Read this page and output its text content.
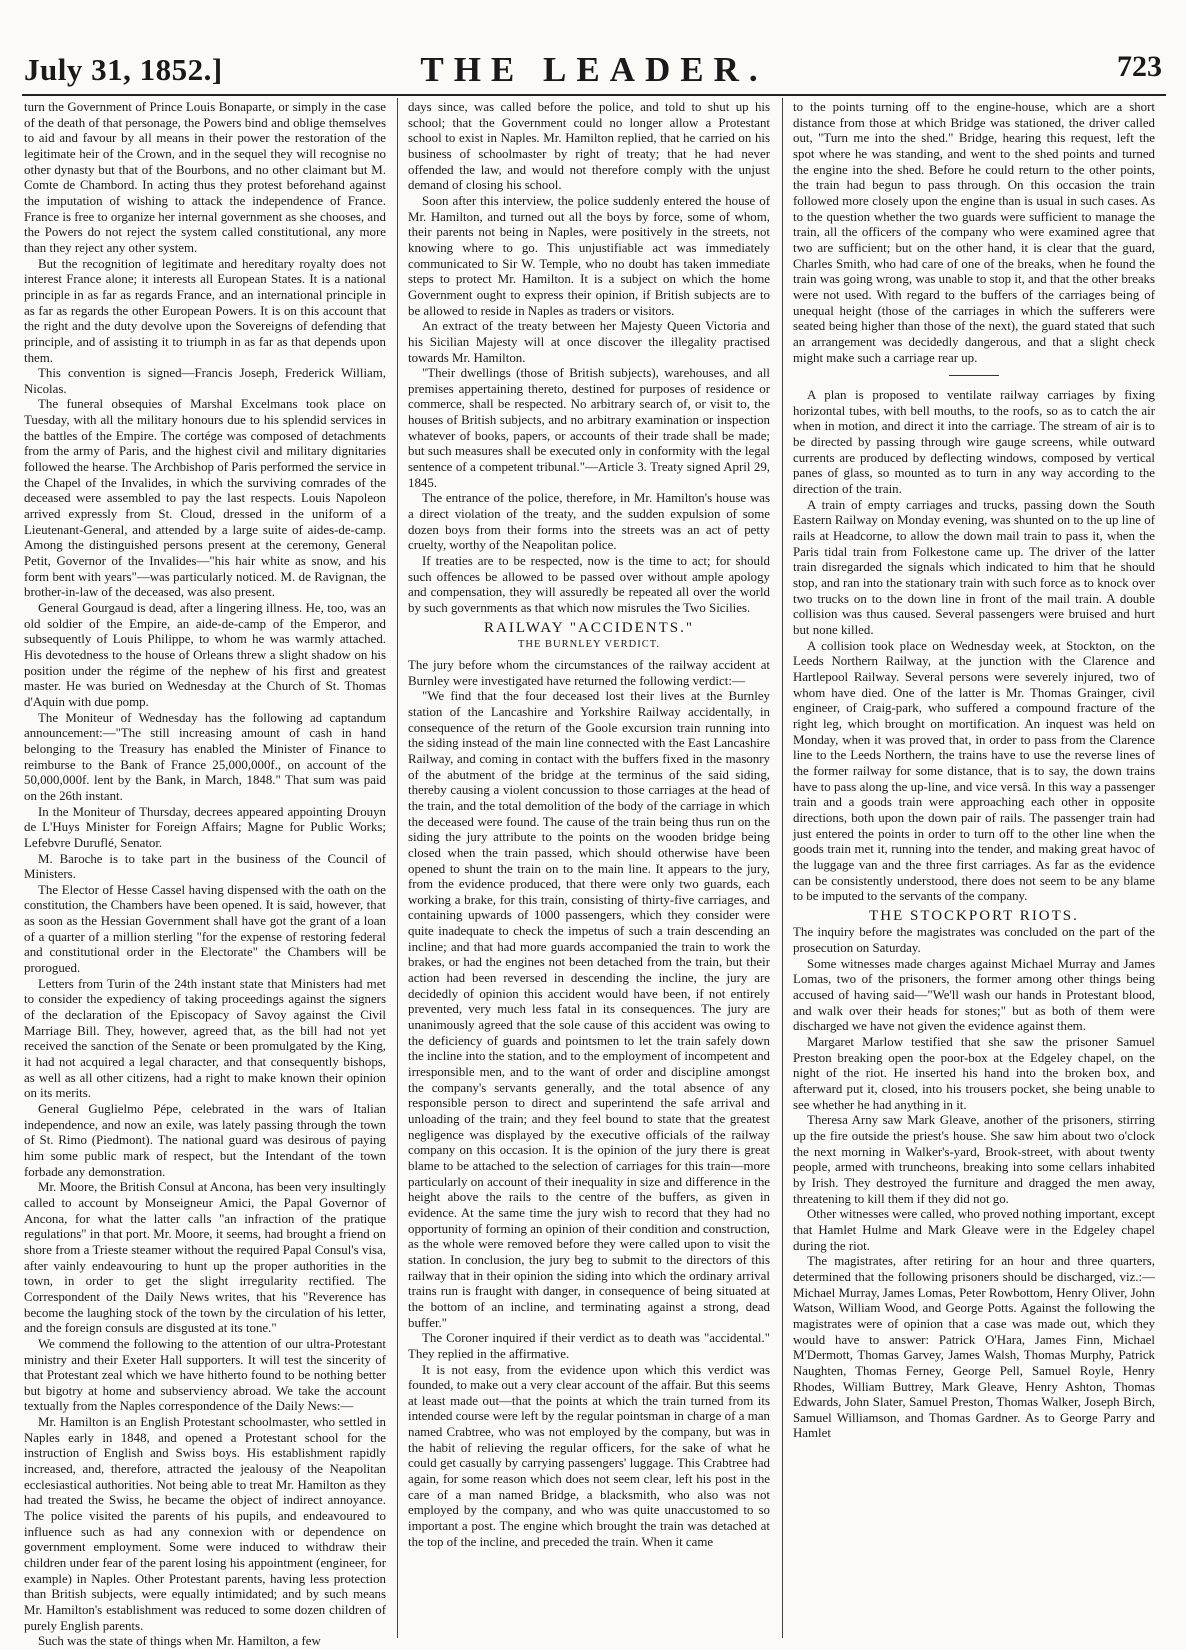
July 31, 1852.]	THE LEADER.	723

turn the Government of Prince Louis Bonaparte, or simply in the case of the death of that personage, the Powers bind and oblige themselves to aid and favour by all means in their power the restoration of the legitimate heir of the Crown, and in the sequel they will recognise no other dynasty but that of the Bourbons, and no other claimant but M. Comte de Chambord. In acting thus they protest beforehand against the imputation of wishing to attack the independence of France. France is free to organize her internal government as she chooses, and the Powers do not reject the system called constitutional, any more than they reject any other system.

But the recognition of legitimate and hereditary royalty does not interest France alone; it interests all European States. It is a national principle in as far as regards France, and an international principle in as far as regards the other European Powers. It is on this account that the right and the duty devolve upon the Sovereigns of defending that principle, and of assisting it to triumph in as far as that depends upon them.

This convention is signed—Francis Joseph, Frederick William, Nicolas.

The funeral obsequies of Marshal Excelmans took place on Tuesday, with all the military honours due to his splendid services in the battles of the Empire. The cortége was composed of detachments from the army of Paris, and the highest civil and military dignitaries followed the hearse. The Archbishop of Paris performed the service in the Chapel of the Invalides, in which the surviving comrades of the deceased were assembled to pay the last respects. Louis Napoleon arrived expressly from St. Cloud, dressed in the uniform of a Lieutenant-General, and attended by a large suite of aides-de-camp. Among the distinguished persons present at the ceremony, General Petit, Governor of the Invalides—"his hair white as snow, and his form bent with years"—was particularly noticed. M. de Ravignan, the brother-in-law of the deceased, was also present.

General Gourgaud is dead, after a lingering illness. He, too, was an old soldier of the Empire, an aide-de-camp of the Emperor, and subsequently of Louis Philippe, to whom he was warmly attached. His devotedness to the house of Orleans threw a slight shadow on his position under the régime of the nephew of his first and greatest master. He was buried on Wednesday at the Church of St. Thomas d'Aquin with due pomp.

The Moniteur of Wednesday has the following ad captandum announcement:—"The still increasing amount of cash in hand belonging to the Treasury has enabled the Minister of Finance to reimburse to the Bank of France 25,000,000f., on account of the 50,000,000f. lent by the Bank, in March, 1848." That sum was paid on the 26th instant.

In the Moniteur of Thursday, decrees appeared appointing Drouyn de L'Huys Minister for Foreign Affairs; Magne for Public Works; Lefebvre Duruflé, Senator.

M. Baroche is to take part in the business of the Council of Ministers.

The Elector of Hesse Cassel having dispensed with the oath on the constitution, the Chambers have been opened. It is said, however, that as soon as the Hessian Government shall have got the grant of a loan of a quarter of a million sterling "for the expense of restoring federal and constitutional order in the Electorate" the Chambers will be prorogued.

Letters from Turin of the 24th instant state that Ministers had met to consider the expediency of taking proceedings against the signers of the declaration of the Episcopacy of Savoy against the Civil Marriage Bill. They, however, agreed that, as the bill had not yet received the sanction of the Senate or been promulgated by the King, it had not acquired a legal character, and that consequently bishops, as well as all other citizens, had a right to make known their opinion on its merits.

General Guglielmo Pépe, celebrated in the wars of Italian independence, and now an exile, was lately passing through the town of St. Rimo (Piedmont). The national guard was desirous of paying him some public mark of respect, but the Intendant of the town forbade any demonstration.

Mr. Moore, the British Consul at Ancona, has been very insultingly called to account by Monseigneur Amici, the Papal Governor of Ancona, for what the latter calls "an infraction of the pratique regulations" in that port. Mr. Moore, it seems, had brought a friend on shore from a Trieste steamer without the required Papal Consul's visa, after vainly endeavouring to hunt up the proper authorities in the town, in order to get the slight irregularity rectified. The Correspondent of the Daily News writes, that his "Reverence has become the laughing stock of the town by the circulation of his letter, and the foreign consuls are disgusted at its tone."

We commend the following to the attention of our ultra-Protestant ministry and their Exeter Hall supporters. It will test the sincerity of that Protestant zeal which we have hitherto found to be nothing better but bigotry at home and subserviency abroad. We take the account textually from the Naples correspondence of the Daily News:—

Mr. Hamilton is an English Protestant schoolmaster, who settled in Naples early in 1848, and opened a Protestant school for the instruction of English and Swiss boys. His establishment rapidly increased, and, therefore, attracted the jealousy of the Neapolitan ecclesiastical authorities. Not being able to treat Mr. Hamilton as they had treated the Swiss, he became the object of indirect annoyance. The police visited the parents of his pupils, and endeavoured to influence such as had any connexion with or dependence on government employment. Some were induced to withdraw their children under fear of the parent losing his appointment (engineer, for example) in Naples. Other Protestant parents, having less protection than British subjects, were equally intimidated; and by such means Mr. Hamilton's establishment was reduced to some dozen children of purely English parents.

Such was the state of things when Mr. Hamilton, a few

days since, was called before the police, and told to shut up his school; that the Government could no longer allow a Protestant school to exist in Naples. Mr. Hamilton replied, that he carried on his business of schoolmaster by right of treaty; that he had never offended the law, and would not therefore comply with the unjust demand of closing his school.

Soon after this interview, the police suddenly entered the house of Mr. Hamilton, and turned out all the boys by force, some of whom, their parents not being in Naples, were positively in the streets, not knowing where to go. This unjustifiable act was immediately communicated to Sir W. Temple, who no doubt has taken immediate steps to protect Mr. Hamilton. It is a subject on which the home Government ought to express their opinion, if British subjects are to be allowed to reside in Naples as traders or visitors.

An extract of the treaty between her Majesty Queen Victoria and his Sicilian Majesty will at once discover the illegality practised towards Mr. Hamilton.

"Their dwellings (those of British subjects), warehouses, and all premises appertaining thereto, destined for purposes of residence or commerce, shall be respected. No arbitrary search of, or visit to, the houses of British subjects, and no arbitrary examination or inspection whatever of books, papers, or accounts of their trade shall be made; but such measures shall be executed only in conformity with the legal sentence of a competent tribunal."—Article 3. Treaty signed April 29, 1845.

The entrance of the police, therefore, in Mr. Hamilton's house was a direct violation of the treaty, and the sudden expulsion of some dozen boys from their forms into the streets was an act of petty cruelty, worthy of the Neapolitan police.

If treaties are to be respected, now is the time to act; for should such offences be allowed to be passed over without ample apology and compensation, they will assuredly be repeated all over the world by such governments as that which now misrules the Two Sicilies.

RAILWAY "ACCIDENTS."
THE BURNLEY VERDICT.

The jury before whom the circumstances of the railway accident at Burnley were investigated have returned the following verdict:—

"We find that the four deceased lost their lives at the Burnley station of the Lancashire and Yorkshire Railway accidentally, in consequence of the return of the Goole excursion train running into the siding instead of the main line connected with the East Lancashire Railway, and coming in contact with the buffers fixed in the masonry of the abutment of the bridge at the terminus of the said siding, thereby causing a violent concussion to those carriages at the head of the train, and the total demolition of the body of the carriage in which the deceased were found. The cause of the train being thus run on the siding the jury attribute to the points on the wooden bridge being closed when the train passed, which should otherwise have been opened to shunt the train on to the main line. It appears to the jury, from the evidence produced, that there were only two guards, each working a brake, for this train, consisting of thirty-five carriages, and containing upwards of 1000 passengers, which they consider were quite inadequate to check the impetus of such a train descending an incline; and that had more guards accompanied the train to work the brakes, or had the engines not been detached from the train, but their action had been reversed in descending the incline, the jury are decidedly of opinion this accident would have been, if not entirely prevented, very much less fatal in its consequences. The jury are unanimously agreed that the sole cause of this accident was owing to the deficiency of guards and pointsmen to let the train safely down the incline into the station, and to the employment of incompetent and irresponsible men, and to the want of order and discipline amongst the company's servants generally, and the total absence of any responsible person to direct and superintend the safe arrival and unloading of the train; and they feel bound to state that the greatest negligence was displayed by the executive officials of the railway company on this occasion. It is the opinion of the jury there is great blame to be attached to the selection of carriages for this train—more particularly on account of their inequality in size and difference in the height above the rails to the centre of the buffers, as given in evidence. At the same time the jury wish to record that they had no opportunity of forming an opinion of their condition and construction, as the whole were removed before they were called upon to visit the station. In conclusion, the jury beg to submit to the directors of this railway that in their opinion the siding into which the ordinary arrival trains run is fraught with danger, in consequence of being situated at the bottom of an incline, and terminating against a strong, dead buffer."

The Coroner inquired if their verdict as to death was "accidental." They replied in the affirmative.

It is not easy, from the evidence upon which this verdict was founded, to make out a very clear account of the affair. But this seems at least made out—that the points at which the train turned from its intended course were left by the regular pointsman in charge of a man named Crabtree, who was not employed by the company, but was in the habit of relieving the regular officers, for the sake of what he could get casually by carrying passengers' luggage. This Crabtree had again, for some reason which does not seem clear, left his post in the care of a man named Bridge, a blacksmith, who also was not employed by the company, and who was quite unaccustomed to so important a post. The engine which brought the train was detached at the top of the incline, and preceded the train. When it came

to the points turning off to the engine-house, which are a short distance from those at which Bridge was stationed, the driver called out, "Turn me into the shed." Bridge, hearing this request, left the spot where he was standing, and went to the shed points and turned the engine into the shed. Before he could return to the other points, the train had begun to pass through. On this occasion the train followed more closely upon the engine than is usual in such cases. As to the question whether the two guards were sufficient to manage the train, all the officers of the company who were examined agree that two are sufficient; but on the other hand, it is clear that the guard, Charles Smith, who had care of one of the breaks, when he found the train was going wrong, was unable to stop it, and that the other breaks were not used. With regard to the buffers of the carriages being of unequal height (those of the carriages in which the sufferers were seated being higher than those of the next), the guard stated that such an arrangement was decidedly dangerous, and that a slight check might make such a carriage rear up.

A plan is proposed to ventilate railway carriages by fixing horizontal tubes, with bell mouths, to the roofs, so as to catch the air when in motion, and direct it into the carriage. The stream of air is to be directed by passing through wire gauge screens, while outward currents are produced by deflecting windows, composed by vertical panes of glass, so mounted as to turn in any way according to the direction of the train.

A train of empty carriages and trucks, passing down the South Eastern Railway on Monday evening, was shunted on to the up line of rails at Headcorne, to allow the down mail train to pass it, when the Paris tidal train from Folkestone came up. The driver of the latter train disregarded the signals which indicated to him that he should stop, and ran into the stationary train with such force as to knock over two trucks on to the down line in front of the mail train. A double collision was thus caused. Several passengers were bruised and hurt but none killed.

A collision took place on Wednesday week, at Stockton, on the Leeds Northern Railway, at the junction with the Clarence and Hartlepool Railway. Several persons were severely injured, two of whom have died. One of the latter is Mr. Thomas Grainger, civil engineer, of Craig-park, who suffered a compound fracture of the right leg, which brought on mortification. An inquest was held on Monday, when it was proved that, in order to pass from the Clarence line to the Leeds Northern, the trains have to use the reverse lines of the former railway for some distance, that is to say, the down trains have to pass along the up-line, and vice versâ. In this way a passenger train and a goods train were approaching each other in opposite directions, both upon the down pair of rails. The passenger train had just entered the points in order to turn off to the other line when the goods train met it, running into the tender, and making great havoc of the luggage van and the three first carriages. As far as the evidence can be consistently understood, there does not seem to be any blame to be imputed to the servants of the company.

THE STOCKPORT RIOTS.

The inquiry before the magistrates was concluded on the part of the prosecution on Saturday.

Some witnesses made charges against Michael Murray and James Lomas, two of the prisoners, the former among other things being accused of having said—"We'll wash our hands in Protestant blood, and walk over their heads for stones;" but as both of them were discharged we have not given the evidence against them.

Margaret Marlow testified that she saw the prisoner Samuel Preston breaking open the poor-box at the Edgeley chapel, on the night of the riot. He inserted his hand into the broken box, and afterward put it, closed, into his trousers pocket, she being unable to see whether he had anything in it.

Theresa Arny saw Mark Gleave, another of the prisoners, stirring up the fire outside the priest's house. She saw him about two o'clock the next morning in Walker's-yard, Brook-street, with about twenty people, armed with truncheons, breaking into some cellars inhabited by Irish. They destroyed the furniture and dragged the men away, threatening to kill them if they did not go.

Other witnesses were called, who proved nothing important, except that Hamlet Hulme and Mark Gleave were in the Edgeley chapel during the riot.

The magistrates, after retiring for an hour and three quarters, determined that the following prisoners should be discharged, viz.:—Michael Murray, James Lomas, Peter Rowbottom, Henry Oliver, John Watson, William Wood, and George Potts. Against the following the magistrates were of opinion that a case was made out, which they would have to answer: Patrick O'Hara, James Finn, Michael M'Dermott, Thomas Garvey, James Walsh, Thomas Murphy, Patrick Naughten, Thomas Ferney, George Pell, Samuel Royle, Henry Rhodes, William Buttrey, Mark Gleave, Henry Ashton, Thomas Edwards, John Slater, Samuel Preston, Thomas Walker, Joseph Birch, Samuel Williamson, and Thomas Gardner. As to George Parry and Hamlet
